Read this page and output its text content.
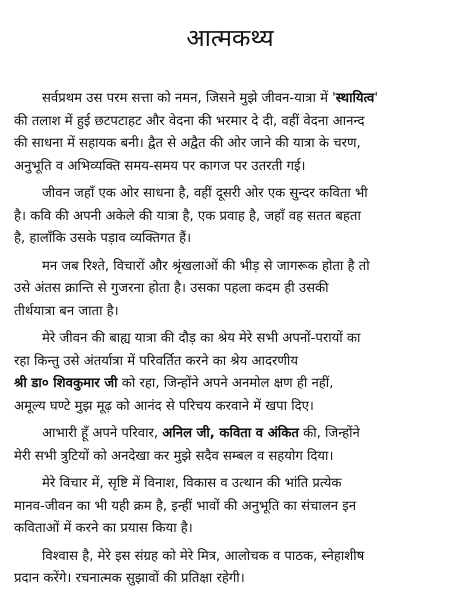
आत्मकथ्य
सर्वप्रथम उस परम सत्ता को नमन, जिसने मुझे जीवन-यात्रा में 'स्थायित्व'
की तलाश में हुई छटपटाहट और वेदना की भरमार दे दी, वहीं वेदना आनन्द
की साधना में सहायक बनी। द्वैत से अद्वैत की ओर जाने की यात्रा के चरण,
अनुभूति व अभिव्यक्ति समय-समय पर कागज पर उतरती गई।
जीवन जहाँ एक ओर साधना है, वहीं दूसरी ओर एक सुन्दर कविता भी
है। कवि की अपनी अकेले की यात्रा है, एक प्रवाह है, जहाँ वह सतत बहता
है, हालाँकि उसके पड़ाव व्यक्तिगत हैं।
मन जब रिश्ते, विचारों और श्रृंखलाओं की भीड़ से जागरूक होता है तो
उसे अंतस क्रान्ति से गुजरना होता है। उसका पहला कदम ही उसकी
तीर्थयात्रा बन जाता है।
मेरे जीवन की बाह्य यात्रा की दौड़ का श्रेय मेरे सभी अपनों-परायों का
रहा किन्तु उसे अंतर्यात्रा में परिवर्तित करने का श्रेय आदरणीय
श्री डा० शिवकुमार जी को रहा, जिन्होंने अपने अनमोल क्षण ही नहीं,
अमूल्य घण्टे मुझ मूढ़ को आनंद से परिचय करवाने में खपा दिए।
आभारी हूँ अपने परिवार, अनिल जी, कविता व अंकित की, जिन्होंने
मेरी सभी त्रुटियों को अनदेखा कर मुझे सदैव सम्बल व सहयोग दिया।
मेरे विचार में, सृष्टि में विनाश, विकास व उत्थान की भांति प्रत्येक
मानव-जीवन का भी यही क्रम है, इन्हीं भावों की अनुभूति का संचालन इन
कविताओं में करने का प्रयास किया है।
विश्वास है, मेरे इस संग्रह को मेरे मित्र, आलोचक व पाठक, स्नेहाशीष
प्रदान करेंगे। रचनात्मक सुझावों की प्रतिक्षा रहेगी।
